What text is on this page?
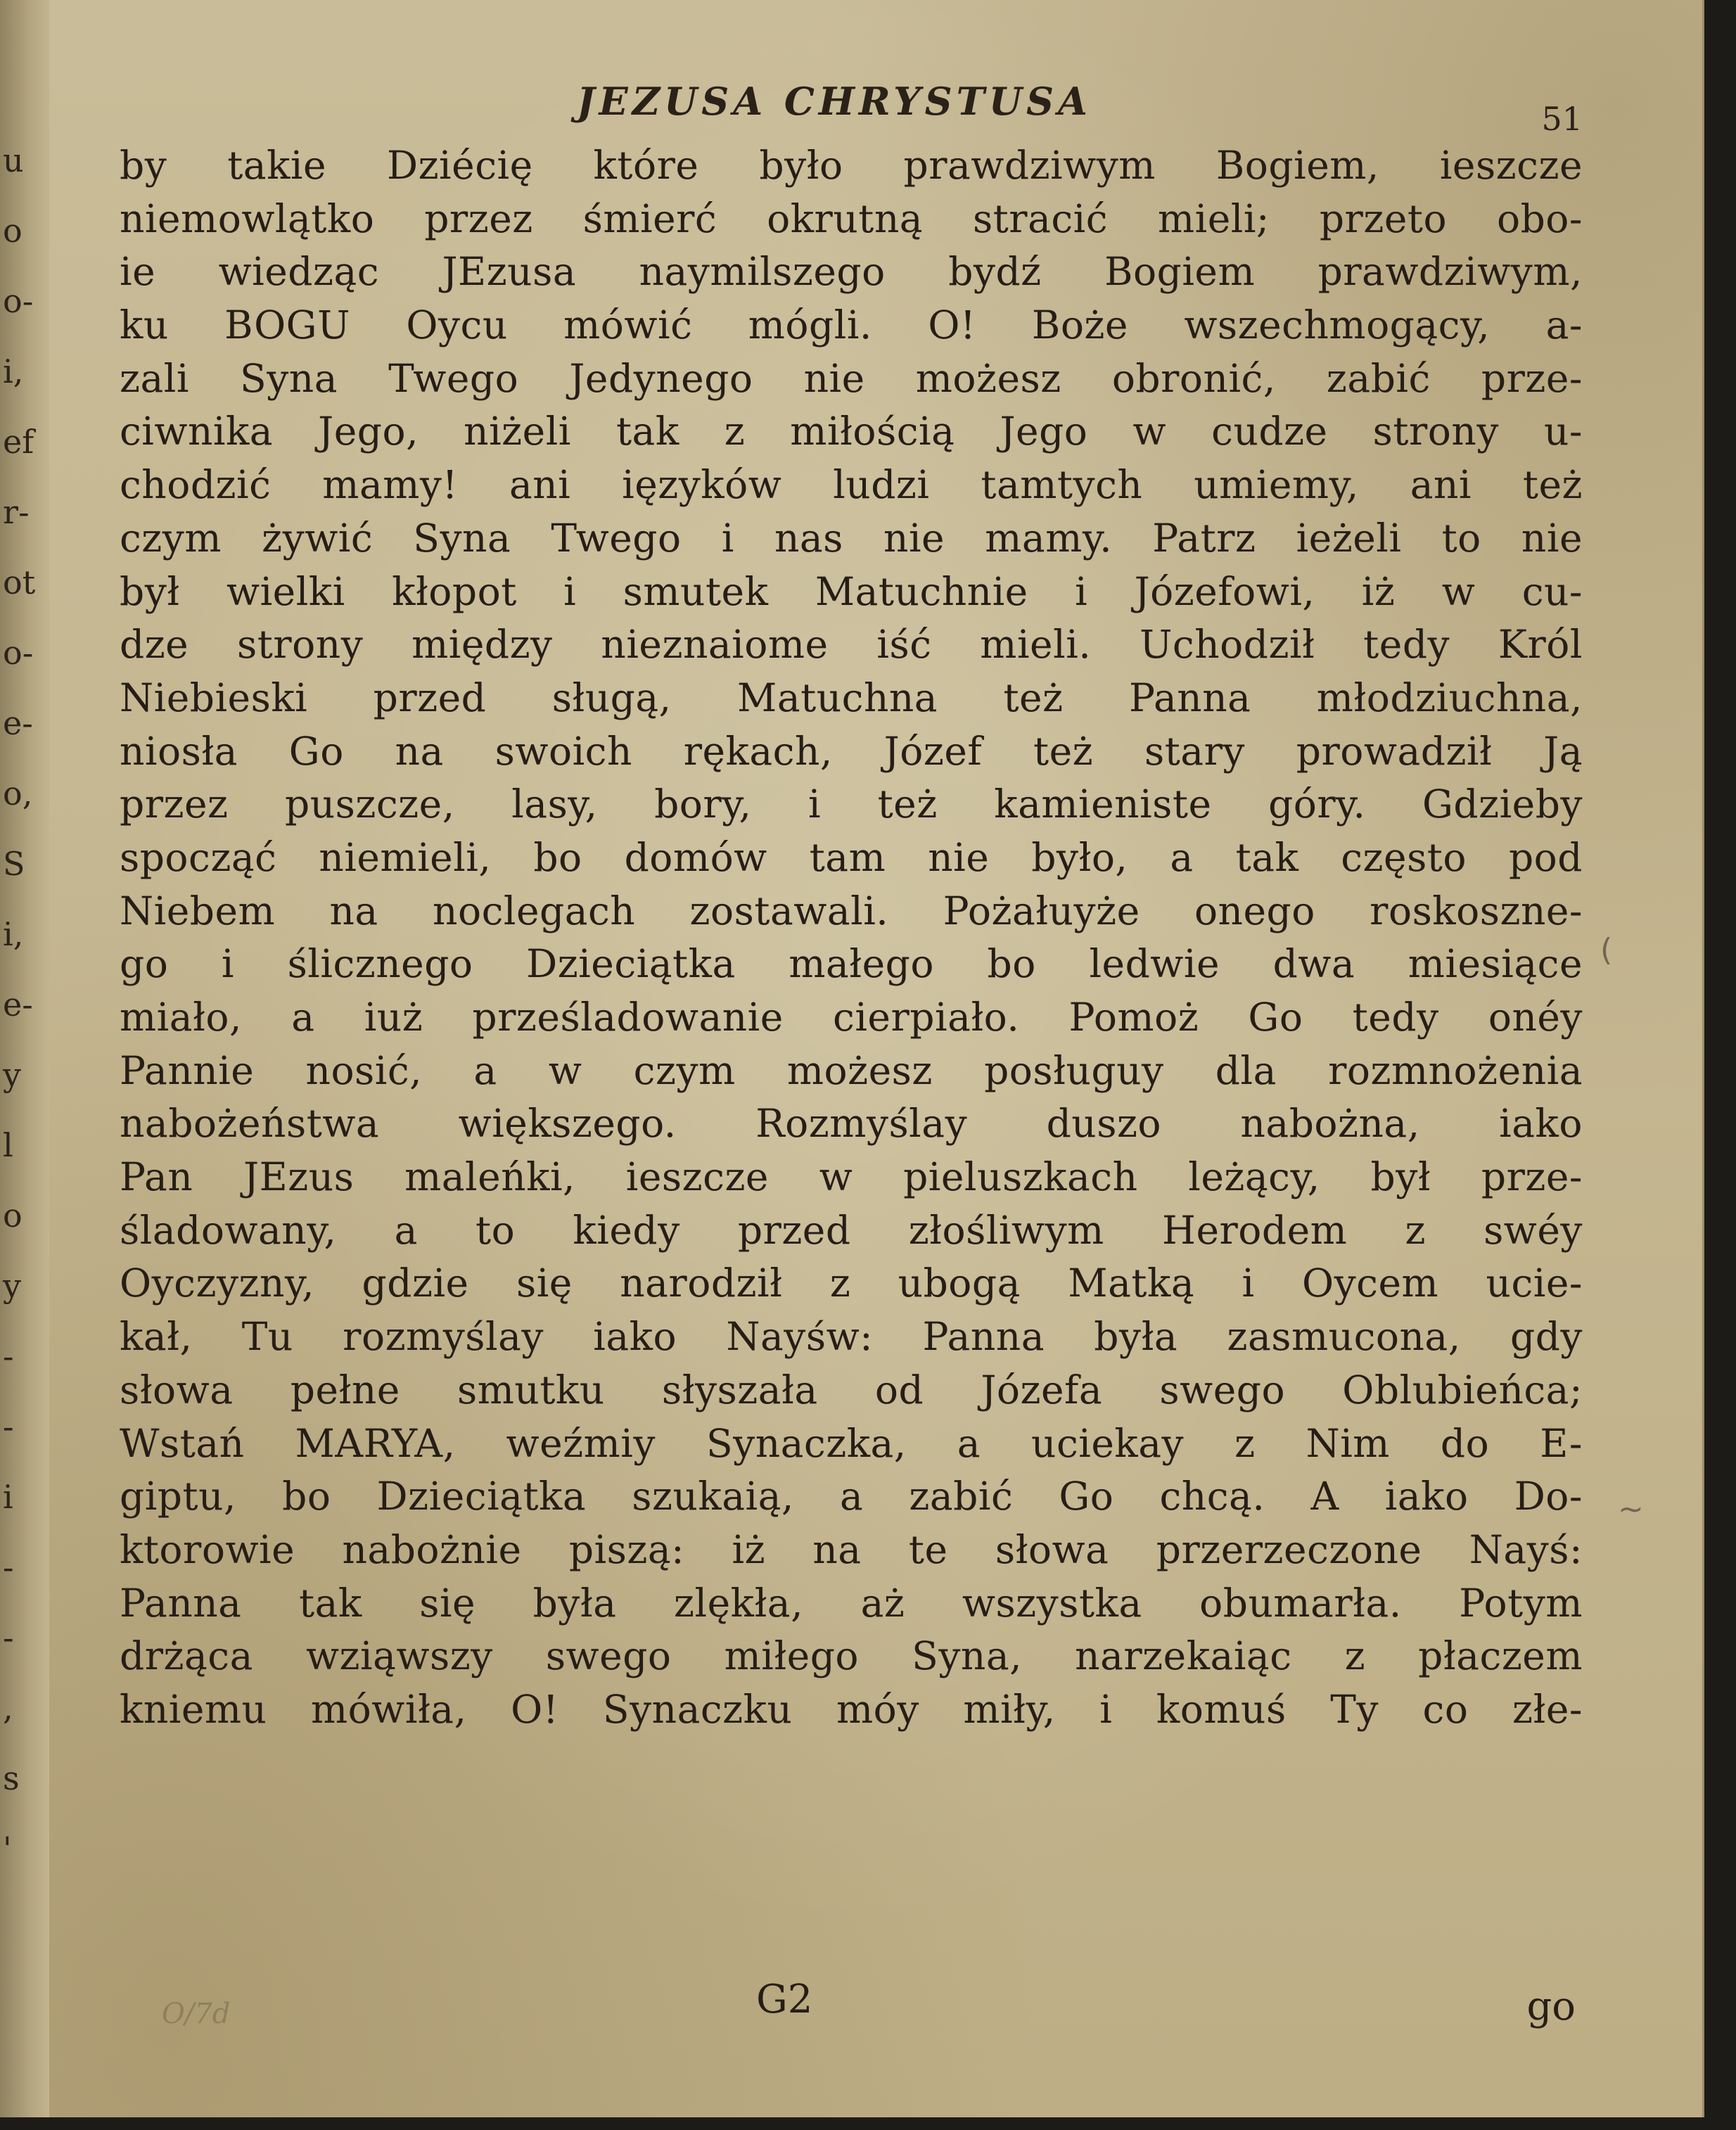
u
o
o-
i,
ef
r-
ot
o-
e-
o,
S
i,
e-
y
l
o
y
-
-
i
-
-
,
s
'
JEZUSA CHRYSTUSA	51
by takie Dziécię które było prawdziwym Bogiem, ieszcze
niemowlątko przez śmierć okrutną stracić mieli; przeto obo-
ie wiedząc JEzusa naymilszego bydź Bogiem prawdziwym,
ku BOGU Oycu mówić mógli. O! Boże wszechmogący, a-
zali Syna Twego Jedynego nie możesz obronić, zabić prze-
ciwnika Jego, niżeli tak z miłością Jego w cudze strony u-
chodzić mamy! ani ięzyków ludzi tamtych umiemy, ani też
czym żywić Syna Twego i nas nie mamy. Patrz ieżeli to nie
był wielki kłopot i smutek Matuchnie i Józefowi, iż w cu-
dze strony między nieznaiome iść mieli. Uchodził tedy Król
Niebieski przed sługą, Matuchna też Panna młodziuchna,
niosła Go na swoich rękach, Józef też stary prowadził Ją
przez puszcze, lasy, bory, i też kamieniste góry. Gdzieby
spocząć niemieli, bo domów tam nie było, a tak często pod
Niebem na noclegach zostawali. Pożałuyże onego roskoszne-
go i ślicznego Dzieciątka małego bo ledwie dwa miesiące
miało, a iuż prześladowanie cierpiało. Pomoż Go tedy onéy
Pannie nosić, a w czym możesz posługuy dla rozmnożenia
nabożeństwa większego. Rozmyślay duszo nabożna, iako
Pan JEzus maleńki, ieszcze w pieluszkach leżący, był prze-
śladowany, a to kiedy przed złośliwym Herodem z swéy
Oyczyzny, gdzie się narodził z ubogą Matką i Oycem ucie-
kał, Tu rozmyślay iako Nayśw: Panna była zasmucona, gdy
słowa pełne smutku słyszała od Józefa swego Oblubieńca;
Wstań MARYA, weźmiy Synaczka, a uciekay z Nim do E-
giptu, bo Dzieciątka szukaią, a zabić Go chcą. A iako Do-
ktorowie nabożnie piszą: iż na te słowa przerzeczone Nayś:
Panna tak się była zlękła, aż wszystka obumarła. Potym
drżąca wziąwszy swego miłego Syna, narzekaiąc z płaczem
kniemu mówiła, O! Synaczku móy miły, i komuś Ty co złe-
(
~
O/7d	G2	go
